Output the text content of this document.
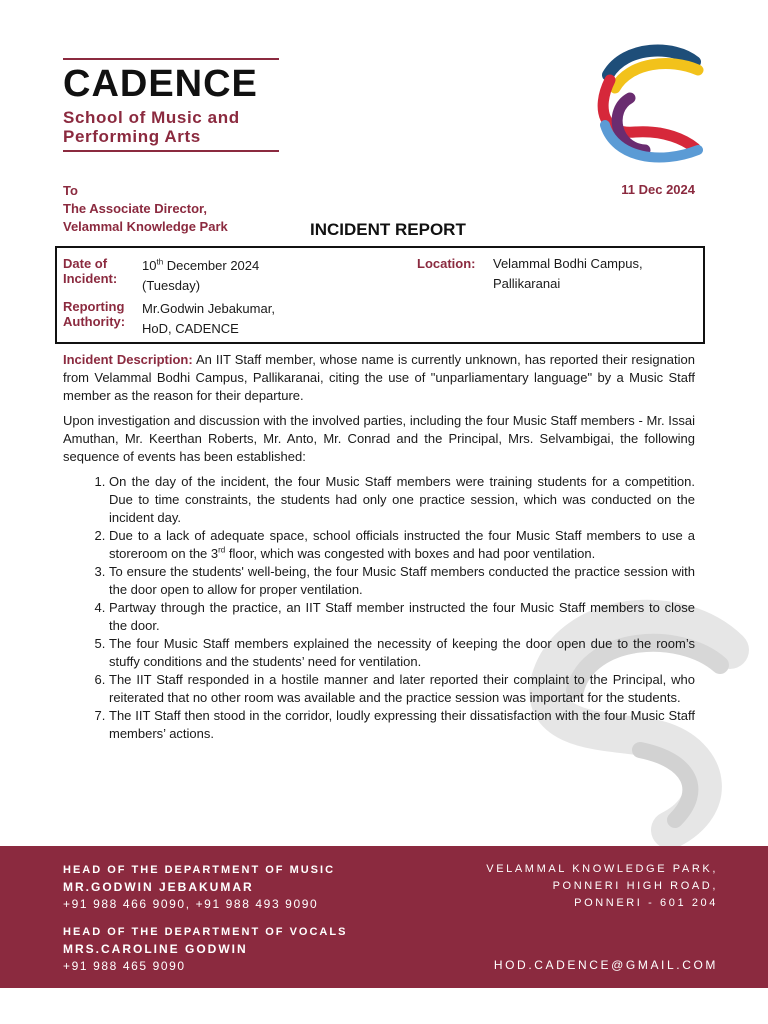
CADENCE
School of Music and
Performing Arts
To
The Associate Director,
Velammal Knowledge Park
11 Dec 2024
INCIDENT REPORT
Date of Incident:
10th December 2024
(Tuesday)
Reporting Authority:
Mr.Godwin Jebakumar,
HoD, CADENCE
Location: Velammal Bodhi Campus,
Pallikaranai

Incident Description: An IIT Staff member, whose name is currently unknown, has reported their resignation from Velammal Bodhi Campus, Pallikaranai, citing the use of "unparliamentary language" by a Music Staff member as the reason for their departure.

Upon investigation and discussion with the involved parties, including the four Music Staff members - Mr. Issai Amuthan, Mr. Keerthan Roberts, Mr. Anto, Mr. Conrad and the Principal, Mrs. Selvambigai, the following sequence of events has been established:

1. On the day of the incident, the four Music Staff members were training students for a competition. Due to time constraints, the students had only one practice session, which was conducted on the incident day.
2. Due to a lack of adequate space, school officials instructed the four Music Staff members to use a storeroom on the 3rd floor, which was congested with boxes and had poor ventilation.
3. To ensure the students' well-being, the four Music Staff members conducted the practice session with the door open to allow for proper ventilation.
4. Partway through the practice, an IIT Staff member instructed the four Music Staff members to close the door.
5. The four Music Staff members explained the necessity of keeping the door open due to the room’s stuffy conditions and the students’ need for ventilation.
6. The IIT Staff responded in a hostile manner and later reported their complaint to the Principal, who reiterated that no other room was available and the practice session was important for the students.
7. The IIT Staff then stood in the corridor, loudly expressing their dissatisfaction with the four Music Staff members’ actions.
HEAD OF THE DEPARTMENT OF MUSIC
MR.GODWIN JEBAKUMAR
+91 988 466 9090, +91 988 493 9090
HEAD OF THE DEPARTMENT OF VOCALS
MRS.CAROLINE GODWIN
+91 988 465 9090
VELAMMAL KNOWLEDGE PARK,
PONNERI HIGH ROAD,
PONNERI - 601 204
HOD.CADENCE@GMAIL.COM
